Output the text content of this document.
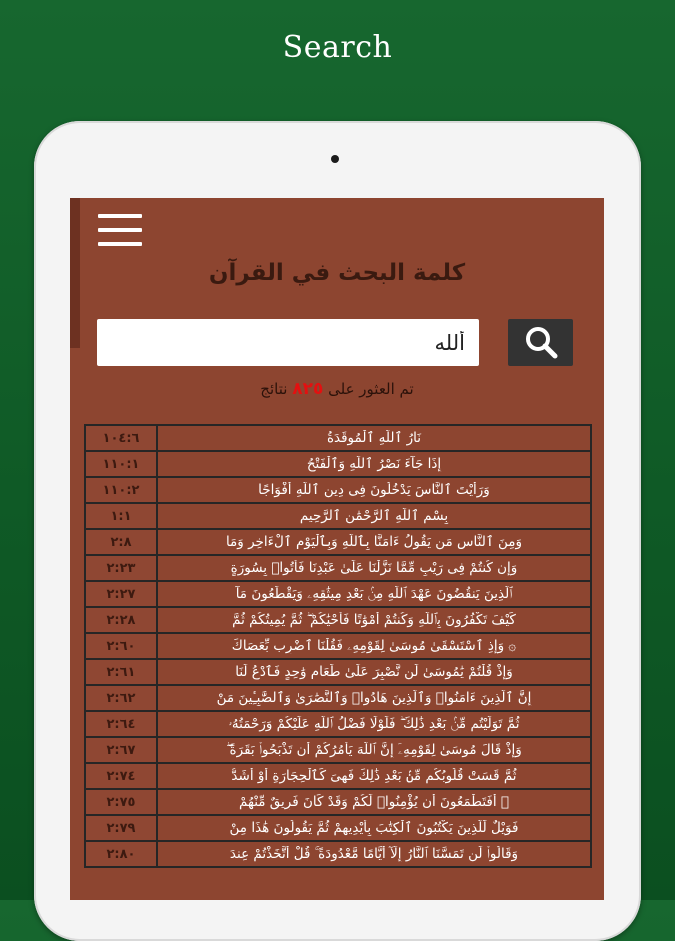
Search
كلمة البحث في القرآن
ألله
تم العثور على ٨٢٥ نتائج
١٠٤:٦	نَارُ ٱللَّهِ ٱلْمُوقَدَةُ

١١٠:١	إِذَا جَآءَ نَصْرُ ٱللَّهِ وَٱلْفَتْحُ

١١٠:٢	وَرَأَيْتَ ٱلنَّاسَ يَدْخُلُونَ فِى دِينِ ٱللَّهِ أَفْوَاجًا

١:١	بِسْمِ ٱللَّهِ ٱلرَّحْمَٰنِ ٱلرَّحِيمِ

٢:٨	وَمِنَ ٱلنَّاسِ مَن يَقُولُ ءَامَنَّا بِٱللَّهِ وَبِٱلْيَوْمِ ٱلْءَاخِرِ وَمَا

٢:٢٣	وَإِن كُنتُمْ فِى رَيْبٍ مِّمَّا نَزَّلْنَا عَلَىٰ عَبْدِنَا فَأْتُوا۟ بِسُورَةٍ

٢:٢٧	ٱلَّذِينَ يَنقُضُونَ عَهْدَ ٱللَّهِ مِنۢ بَعْدِ مِيثَٰقِهِۦ وَيَقْطَعُونَ مَآ

٢:٢٨	كَيْفَ تَكْفُرُونَ بِٱللَّهِ وَكُنتُمْ أَمْوَٰتًا فَأَحْيَٰكُمْ ۖ ثُمَّ يُمِيتُكُمْ ثُمَّ

٢:٦٠	۞ وَإِذِ ٱسْتَسْقَىٰ مُوسَىٰ لِقَوْمِهِۦ فَقُلْنَا ٱضْرِب بِّعَصَاكَ

٢:٦١	وَإِذْ قُلْتُمْ يَٰمُوسَىٰ لَن نَّصْبِرَ عَلَىٰ طَعَامٍ وَٰحِدٍ فَٱدْعُ لَنَا

٢:٦٢	إِنَّ ٱلَّذِينَ ءَامَنُوا۟ وَٱلَّذِينَ هَادُوا۟ وَٱلنَّصَٰرَىٰ وَٱلصَّٰبِـِٔينَ مَنْ

٢:٦٤	ثُمَّ تَوَلَّيْتُم مِّنۢ بَعْدِ ذَٰلِكَ ۖ فَلَوْلَا فَضْلُ ٱللَّهِ عَلَيْكُمْ وَرَحْمَتُهُۥ

٢:٦٧	وَإِذْ قَالَ مُوسَىٰ لِقَوْمِهِۦٓ إِنَّ ٱللَّهَ يَأْمُرُكُمْ أَن تَذْبَحُوا۟ بَقَرَةً ۖ

٢:٧٤	ثُمَّ قَسَتْ قُلُوبُكُم مِّنۢ بَعْدِ ذَٰلِكَ فَهِىَ كَٱلْحِجَارَةِ أَوْ أَشَدُّ

٢:٧٥	۞ أَفَتَطْمَعُونَ أَن يُؤْمِنُوا۟ لَكُمْ وَقَدْ كَانَ فَرِيقٌ مِّنْهُمْ

٢:٧٩	فَوَيْلٌ لِّلَّذِينَ يَكْتُبُونَ ٱلْكِتَٰبَ بِأَيْدِيهِمْ ثُمَّ يَقُولُونَ هَٰذَا مِنْ

٢:٨٠	وَقَالُوا۟ لَن تَمَسَّنَا ٱلنَّارُ إِلَّآ أَيَّامًا مَّعْدُودَةً ۚ قُلْ أَتَّخَذْتُمْ عِندَ
